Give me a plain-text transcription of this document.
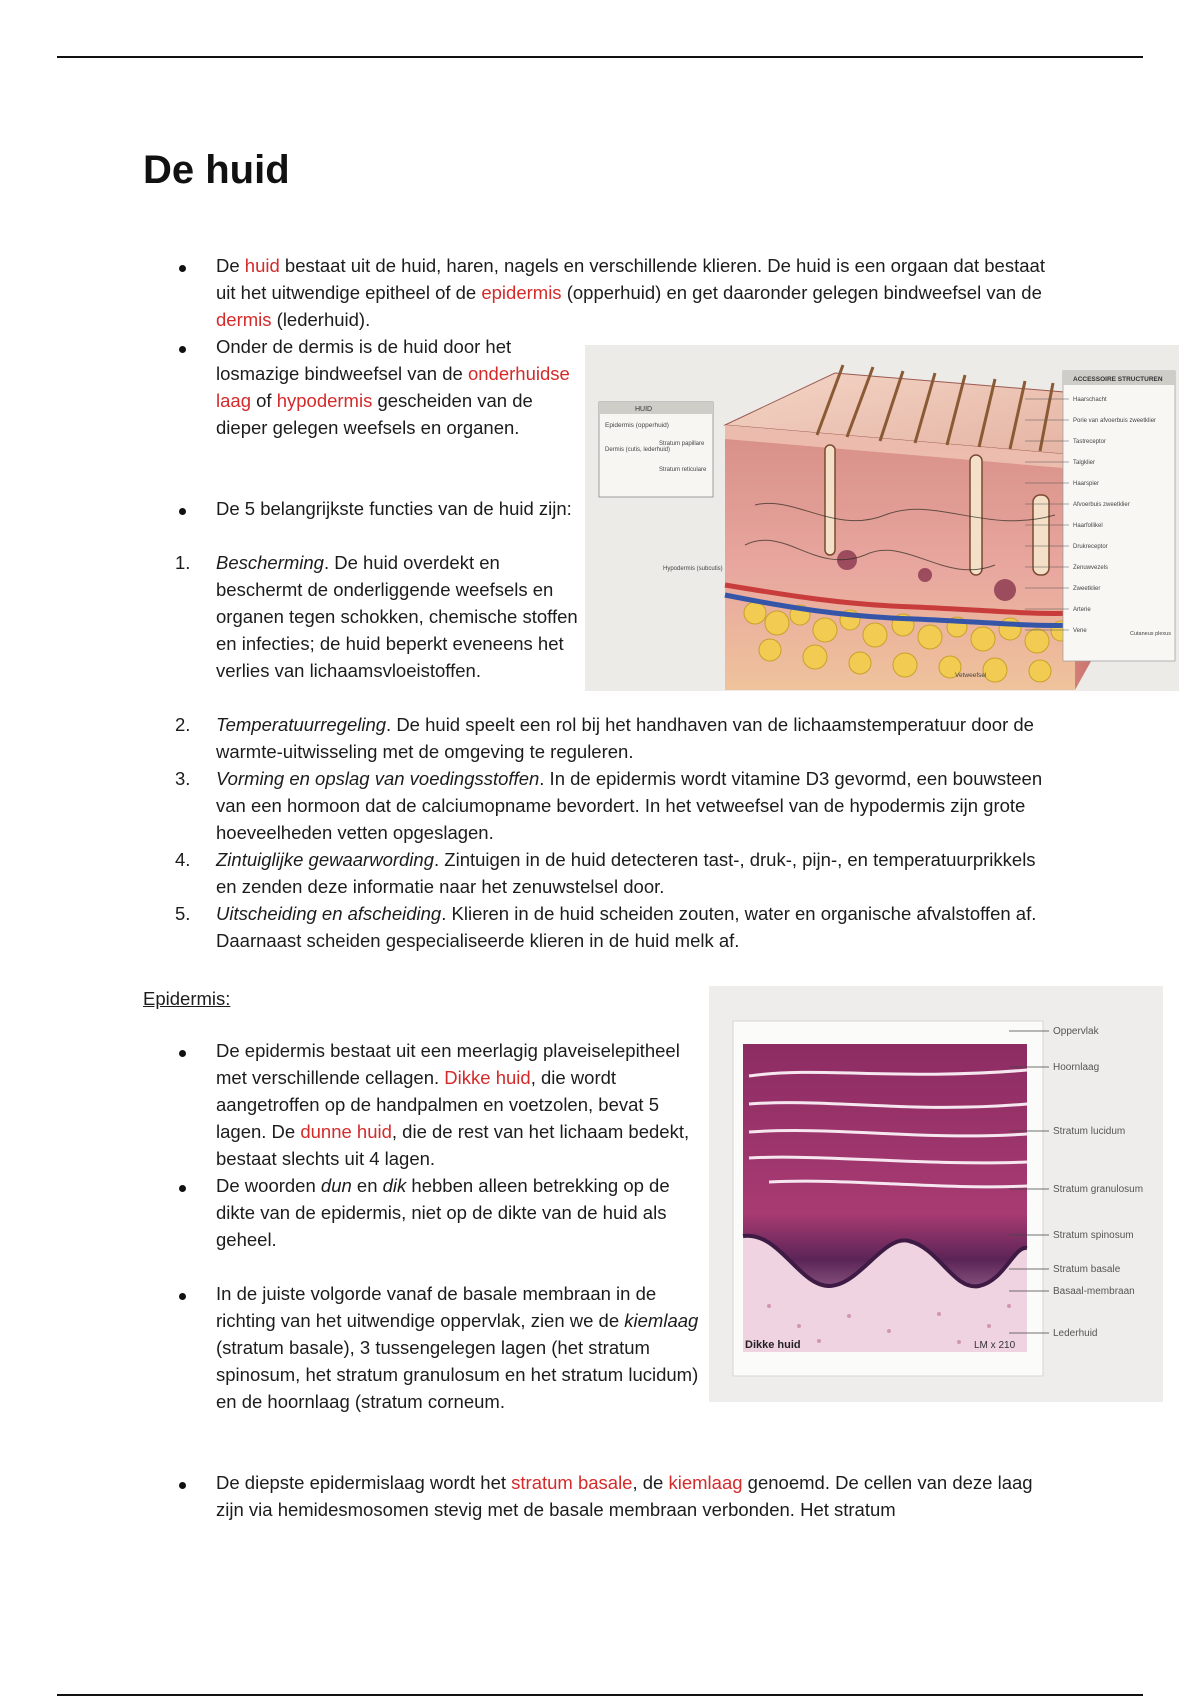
De huid
De huid bestaat uit de huid, haren, nagels en verschillende klieren. De huid is een orgaan dat bestaat uit het uitwendige epitheel of de epidermis (opperhuid) en get daaronder gelegen bindweefsel van de dermis (lederhuid).
Onder de dermis is de huid door het losmazige bindweefsel van de onderhuidse laag of hypodermis gescheiden van de dieper gelegen weefsels en organen.
De 5 belangrijkste functies van de huid zijn:
1.	Bescherming. De huid overdekt en beschermt de onderliggende weefsels en organen tegen schokken, chemische stoffen en infecties; de huid beperkt eveneens het verlies van lichaamsvloeistoffen.
2.	Temperatuurregeling. De huid speelt een rol bij het handhaven van de lichaamstemperatuur door de warmte-uitwisseling met de omgeving te reguleren.
3.	Vorming en opslag van voedingsstoffen. In de epidermis wordt vitamine D3 gevormd, een bouwsteen van een hormoon dat de calciumopname bevordert. In het vetweefsel van de hypodermis zijn grote hoeveelheden vetten opgeslagen.
4.	Zintuiglijke gewaarwording. Zintuigen in de huid detecteren tast-, druk-, pijn-, en temperatuurprikkels en zenden deze informatie naar het zenuwstelsel door.
5.	Uitscheiding en afscheiding. Klieren in de huid scheiden zouten, water en organische afvalstoffen af. Daarnaast scheiden gespecialiseerde klieren in de huid melk af.
Epidermis:
De epidermis bestaat uit een meerlagig plaveiselepitheel met verschillende cellagen. Dikke huid, die wordt aangetroffen op de handpalmen en voetzolen, bevat 5 lagen. De dunne huid, die de rest van het lichaam bedekt, bestaat slechts uit 4 lagen.
De woorden dun en dik hebben alleen betrekking op de dikte van de epidermis, niet op de dikte van de huid als geheel.
In de juiste volgorde vanaf de basale membraan in de richting van het uitwendige oppervlak, zien we de kiemlaag (stratum basale), 3 tussengelegen lagen (het stratum spinosum, het stratum granulosum en het stratum lucidum) en de hoornlaag (stratum corneum.
De diepste epidermislaag wordt het stratum basale, de kiemlaag genoemd. De cellen van deze laag zijn via hemidesmosomen stevig met de basale membraan verbonden. Het stratum
HUID
Epidermis (opperhuid)
Dermis (cutis, lederhuid)
Stratum papillare
Stratum reticulare
Hypodermis (subcutis)
Vetweefsel
ACCESSOIRE STRUCTUREN
Haarschacht
Porie van afvoerbuis zweetklier
Tastreceptor
Talgklier
Haarspier
Afvoerbuis zweetklier
Haarfollikel
Drukreceptor
Zenuwvezels
Zweetklier
Arterie
Vene	Cutaneus plexus
Dikke huid	LM x 210
Oppervlak
Hoornlaag
Stratum lucidum
Stratum granulosum
Stratum spinosum
Stratum basale
Basaal-membraan
Lederhuid
